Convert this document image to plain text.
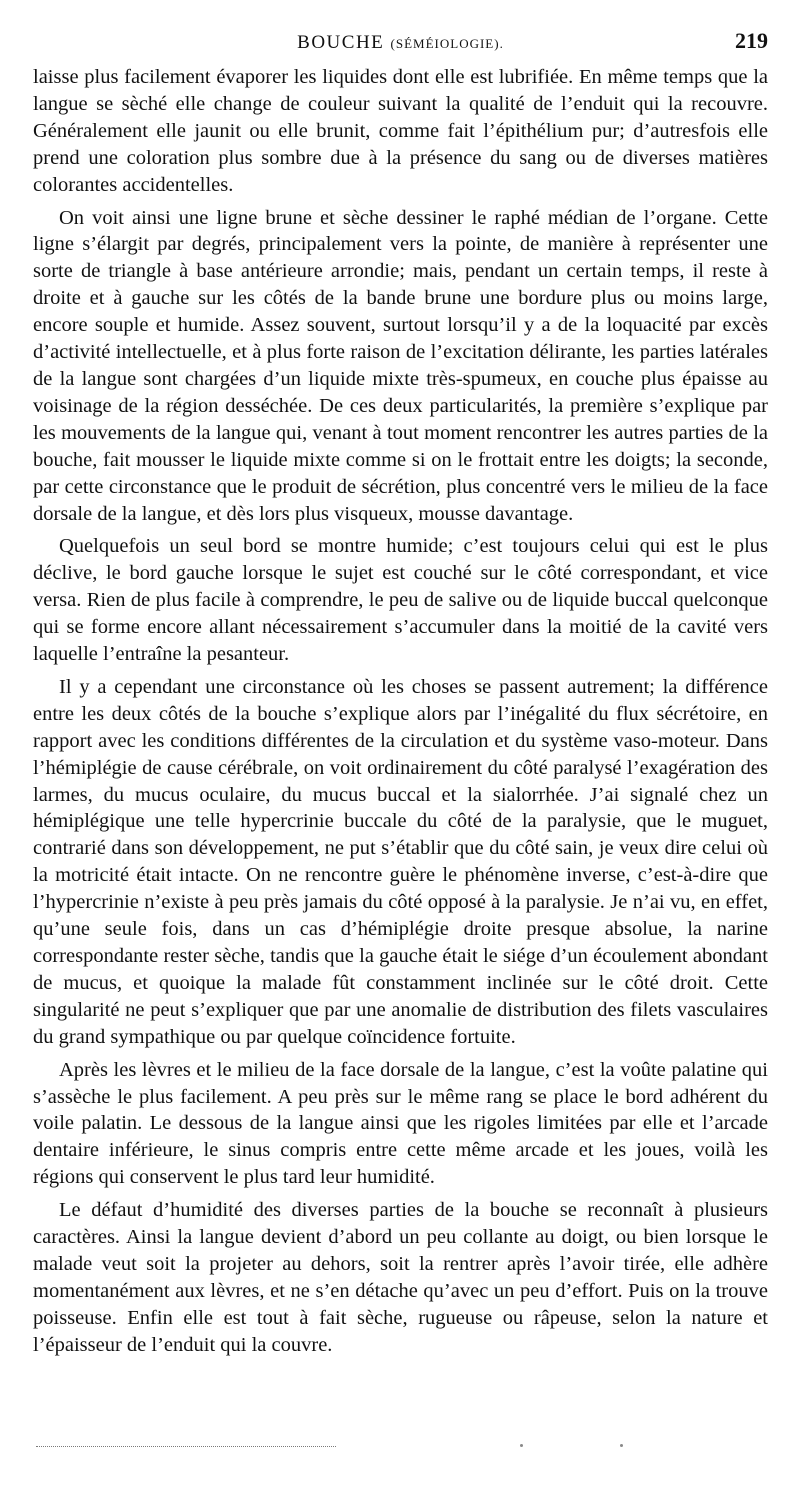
BOUCHE (SÉMÉIOLOGIE).	219

laisse plus facilement évaporer les liquides dont elle est lubrifiée. En même temps que la langue se sèché elle change de couleur suivant la qualité de l’enduit qui la recouvre. Généralement elle jaunit ou elle brunit, comme fait l’épithélium pur; d’autresfois elle prend une coloration plus sombre due à la présence du sang ou de diverses matières colorantes accidentelles.

On voit ainsi une ligne brune et sèche dessiner le raphé médian de l’organe. Cette ligne s’élargit par degrés, principalement vers la pointe, de manière à représenter une sorte de triangle à base antérieure arrondie; mais, pendant un certain temps, il reste à droite et à gauche sur les côtés de la bande brune une bordure plus ou moins large, encore souple et humide. Assez souvent, surtout lorsqu’il y a de la loquacité par excès d’activité intellectuelle, et à plus forte raison de l’excitation délirante, les parties latérales de la langue sont chargées d’un liquide mixte très-spumeux, en couche plus épaisse au voisinage de la région desséchée. De ces deux particularités, la première s’explique par les mouvements de la langue qui, venant à tout moment rencontrer les autres parties de la bouche, fait mousser le liquide mixte comme si on le frottait entre les doigts; la seconde, par cette circonstance que le produit de sécrétion, plus concentré vers le milieu de la face dorsale de la langue, et dès lors plus visqueux, mousse davantage.

Quelquefois un seul bord se montre humide; c’est toujours celui qui est le plus déclive, le bord gauche lorsque le sujet est couché sur le côté correspondant, et vice versa. Rien de plus facile à comprendre, le peu de salive ou de liquide buccal quelconque qui se forme encore allant nécessairement s’accumuler dans la moitié de la cavité vers laquelle l’entraîne la pesanteur.

Il y a cependant une circonstance où les choses se passent autrement; la différence entre les deux côtés de la bouche s’explique alors par l’inégalité du flux sécrétoire, en rapport avec les conditions différentes de la circulation et du système vaso-moteur. Dans l’hémiplégie de cause cérébrale, on voit ordinairement du côté paralysé l’exagération des larmes, du mucus oculaire, du mucus buccal et la sialorrhée. J’ai signalé chez un hémiplégique une telle hypercrinie buccale du côté de la paralysie, que le muguet, contrarié dans son développement, ne put s’établir que du côté sain, je veux dire celui où la motricité était intacte. On ne rencontre guère le phénomène inverse, c’est-à-dire que l’hypercrinie n’existe à peu près jamais du côté opposé à la paralysie. Je n’ai vu, en effet, qu’une seule fois, dans un cas d’hémiplégie droite presque absolue, la narine correspondante rester sèche, tandis que la gauche était le siége d’un écoulement abondant de mucus, et quoique la malade fût constamment inclinée sur le côté droit. Cette singularité ne peut s’expliquer que par une anomalie de distribution des filets vasculaires du grand sympathique ou par quelque coïncidence fortuite.

Après les lèvres et le milieu de la face dorsale de la langue, c’est la voûte palatine qui s’assèche le plus facilement. A peu près sur le même rang se place le bord adhérent du voile palatin. Le dessous de la langue ainsi que les rigoles limitées par elle et l’arcade dentaire inférieure, le sinus compris entre cette même arcade et les joues, voilà les régions qui conservent le plus tard leur humidité.

Le défaut d’humidité des diverses parties de la bouche se reconnaît à plusieurs caractères. Ainsi la langue devient d’abord un peu collante au doigt, ou bien lorsque le malade veut soit la projeter au dehors, soit la rentrer après l’avoir tirée, elle adhère momentanément aux lèvres, et ne s’en détache qu’avec un peu d’effort. Puis on la trouve poisseuse. Enfin elle est tout à fait sèche, rugueuse ou râpeuse, selon la nature et l’épaisseur de l’enduit qui la couvre.
